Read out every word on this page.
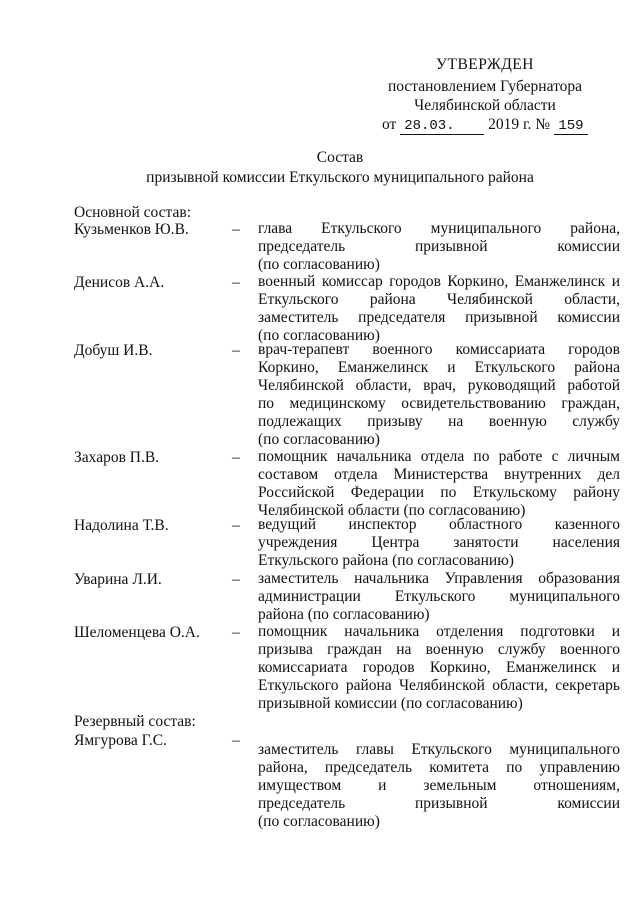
УТВЕРЖДЕН
постановлением Губернатора
Челябинской области
от 28.03. 2019 г. № 159
Состав
призывной комиссии Еткульского муниципального района
Основной состав:
Кузьменков Ю.В.	– глава Еткульского муниципального района,
председатель призывной комиссии
(по согласованию)
Денисов А.А.	– военный комиссар городов Коркино, Еманжелинск и
Еткульского района Челябинской области,
заместитель председателя призывной комиссии
(по согласованию)
Добуш И.В.	– врач-терапевт военного комиссариата городов
Коркино, Еманжелинск и Еткульского района
Челябинской области, врач, руководящий работой
по медицинскому освидетельствованию граждан,
подлежащих призыву на военную службу
(по согласованию)
Захаров П.В.	– помощник начальника отдела по работе с личным
составом отдела Министерства внутренних дел
Российской Федерации по Еткульскому району
Челябинской области (по согласованию)
Надолина Т.В.	– ведущий инспектор областного казенного
учреждения Центра занятости населения
Еткульского района (по согласованию)
Уварина Л.И.	– заместитель начальника Управления образования
администрации Еткульского муниципального
района (по согласованию)
Шеломенцева О.А.	– помощник начальника отделения подготовки и
призыва граждан на военную службу военного
комиссариата городов Коркино, Еманжелинск и
Еткульского района Челябинской области, секретарь
призывной комиссии (по согласованию)
Резервный состав:
Ямгурова Г.С.	–
заместитель главы Еткульского муниципального
района, председатель комитета по управлению
имуществом и земельным отношениям,
председатель призывной комиссии
(по согласованию)
